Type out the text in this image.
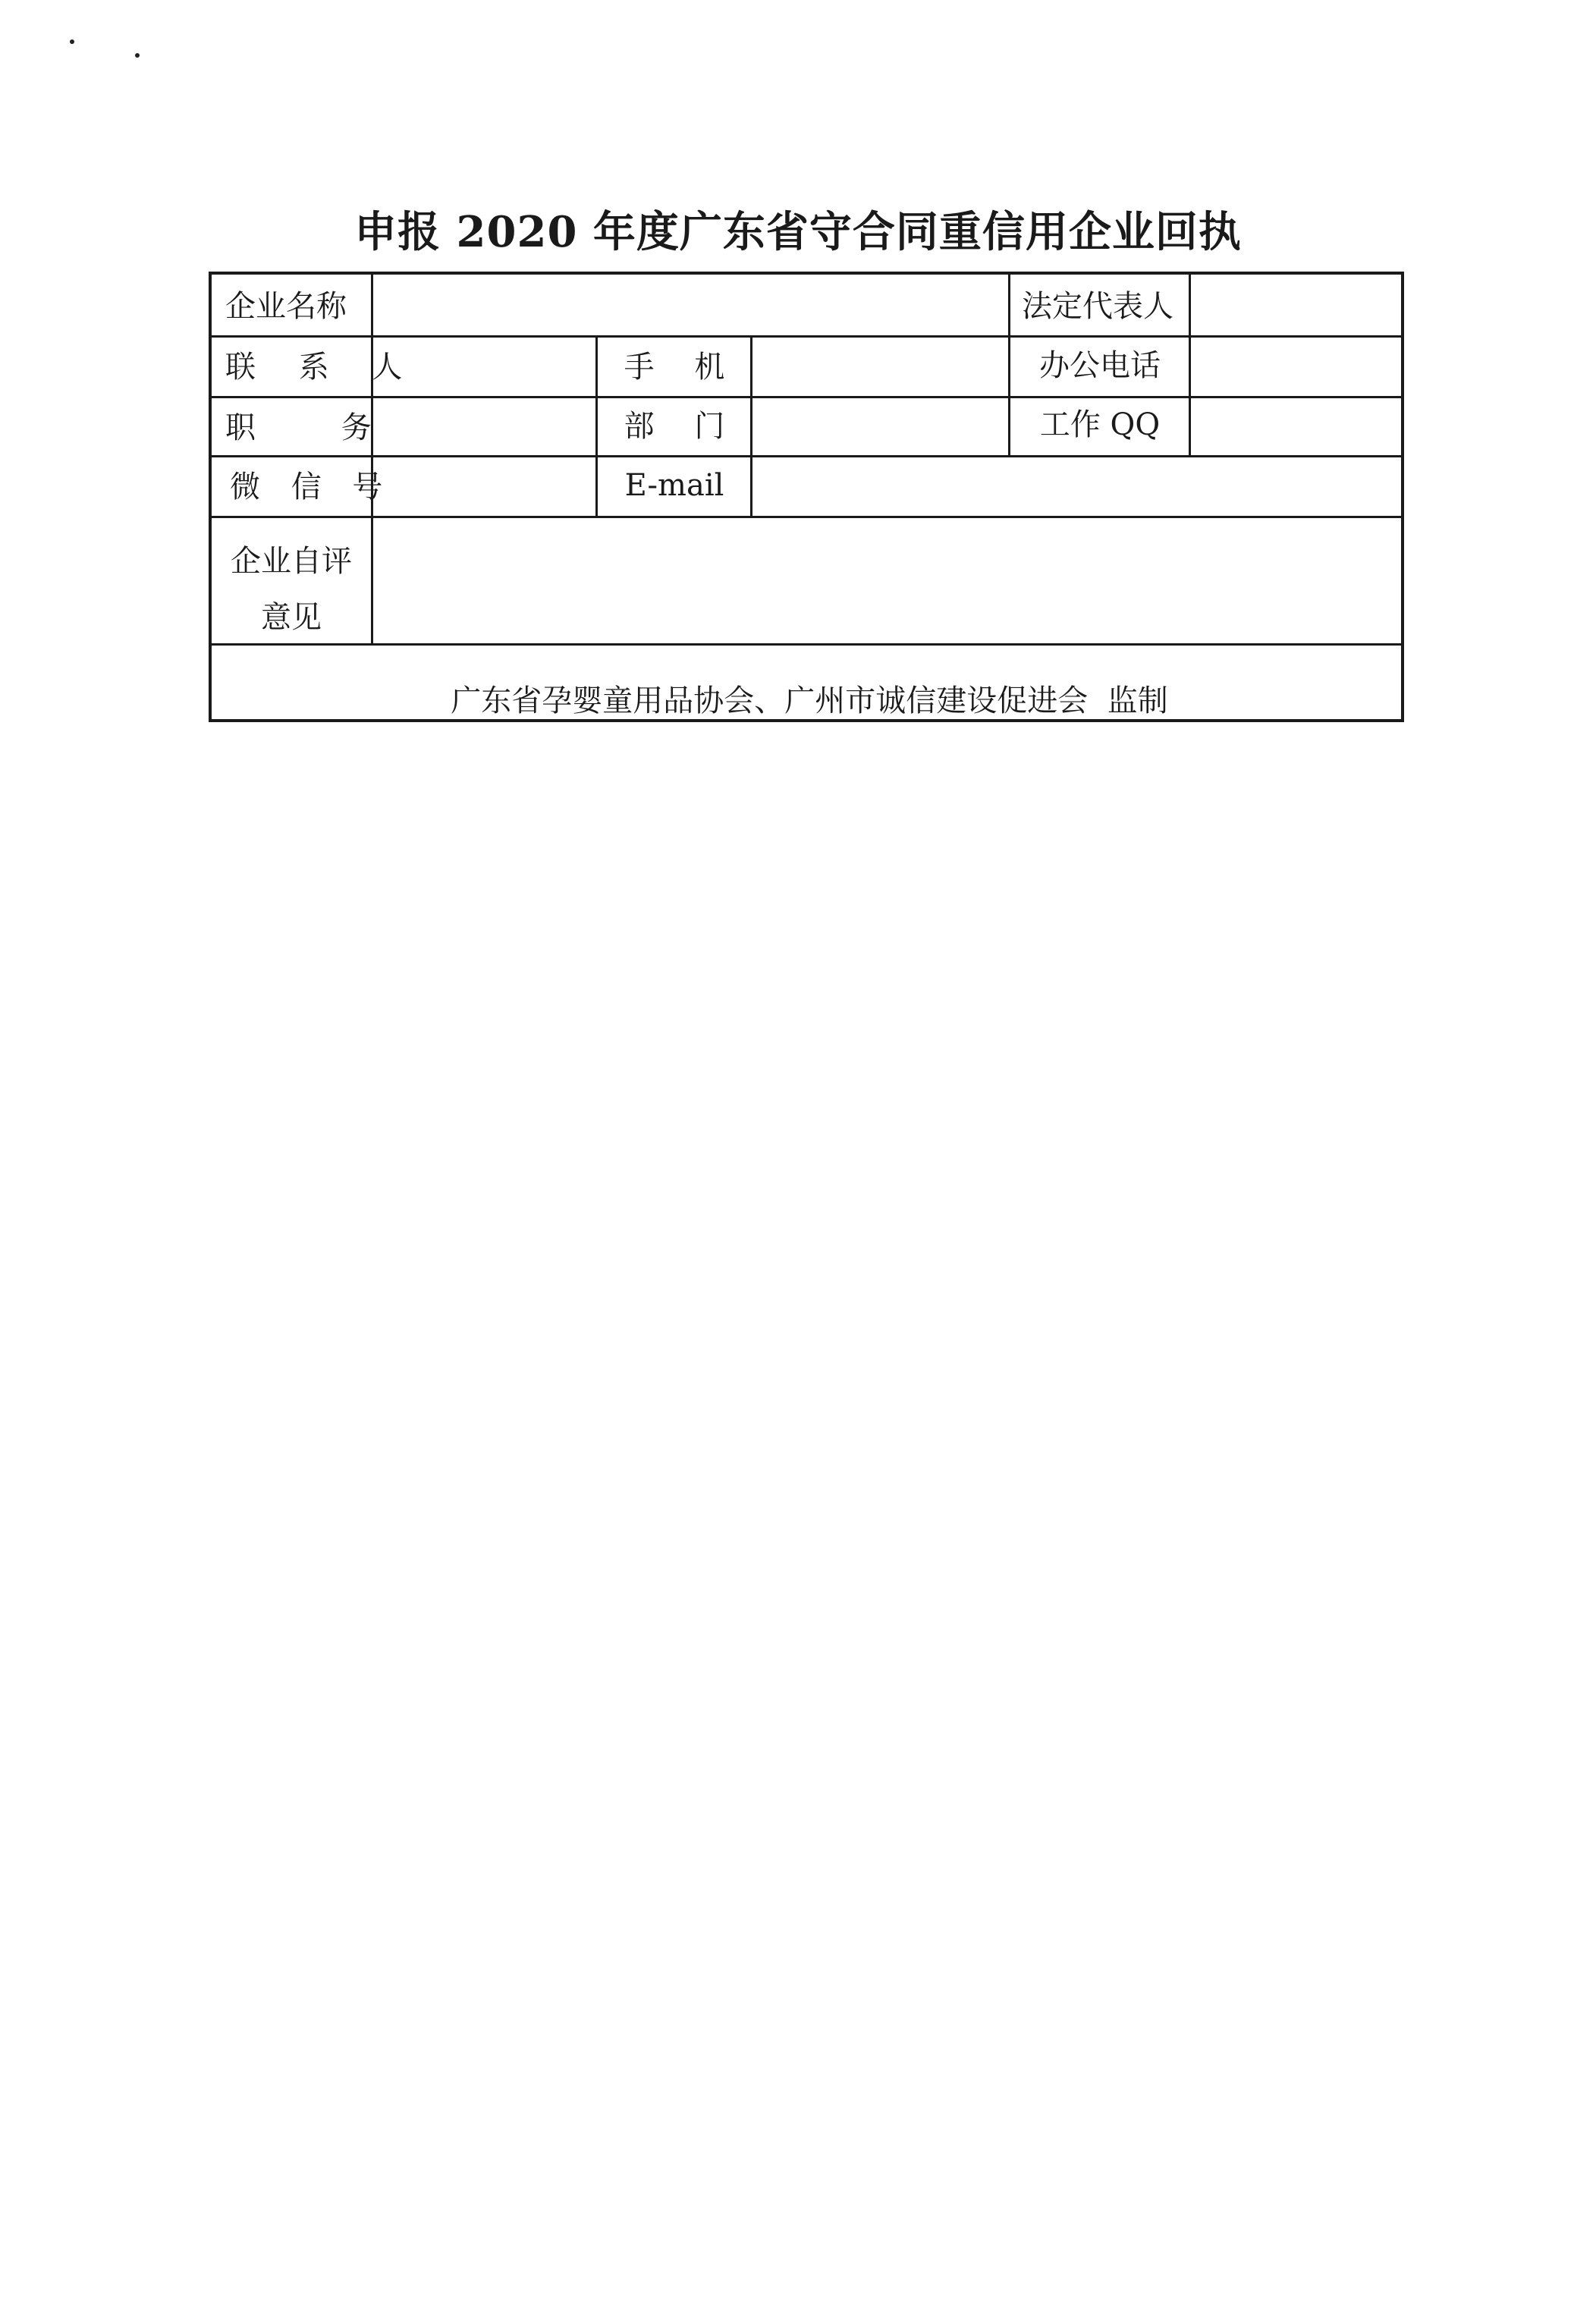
申报 2020 年度广东省守合同重信用企业回执
企业名称	法定代表人
联 系 人	手 机	办公电话
职 务	部 门	工作 QQ
微 信 号	E-mail
企业自评
意见
广东省孕婴童用品协会、广州市诚信建设促进会  监制
